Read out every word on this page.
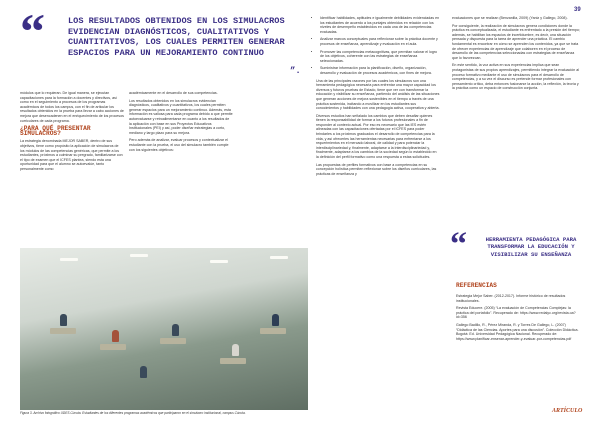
39
“	LOS RESULTADOS OBTENIDOS EN LOS SIMULACROS EVIDENCIAN DIAGNÓSTICOS, CUALITATIVOS Y CUANTITATIVOS, LOS CUALES PERMITEN GENERAR ESPACIOS PARA UN MEJORAMIENTO CONTINUO
”.

módulos que lo requieran. De igual manera, se ejecutan capacitaciones para la formación a docentes y directivos, así como en el seguimiento a procesos de los programas académicos de todos los campus, con el fin de articular los resultados obtenidos en la prueba para llevar a cabo acciones de mejora que desencadenen en el enriquecimiento de los procesos curriculares de cada programa.

¿PARA QUÉ PRESENTAR SIMULACROS?

La estrategia denominada MEJOR SABER, dentro de sus objetivos, tiene como propósito la aplicación de simulacros de los módulos de las competencias genéricas, que permite a los estudiantes, próximos a culminar su pregrado, familiarizarse con el tipo de examen que el ICFES plantea, siendo esta una oportunidad para que el alumno se autoevalúe, tanto personalmente como

académicamente en el desarrollo de sus competencias.

Los resultados obtenidos en los simulacros evidencian diagnósticos, cualitativos y cuantitativos, los cuales permiten generar espacios para un mejoramiento continuo. Además, esta información es valiosa para cada programa debido a que permite autoevaluarse y retroalimentarse en cuanto a los resultados de la aplicación con base en sus Proyectos Educativos Institucionales (PEI) y así, poder diseñar estrategias a corto, mediano y largo plazo para su mejora.

Pero además de analizar, evaluar procesos y contextualizar el estudiante con la prueba, el uso del simulacro también cumple con los siguientes objetivos:

Figura 3. Archivo fotográfico UDES Cúcuta. Estudiantes de los diferentes programas académicos que participaron en el simulacro institucional, campus Cúcuta.
• Identificar habilidades, aptitudes e igualmente debilidades evidenciadas en los estudiantes de acuerdo a los puntajes obtenidos en relación con los niveles de desempeño establecidos en cada una de las competencias evaluadas.
• Analizar marcos conceptuales para reflexionar sobre la práctica docente y procesos de enseñanza, aprendizaje y evaluación en el aula.
• Promover las competencias metacognitivas, que permitan valorar el logro de los objetivos, coherente con las estrategias de enseñanza seleccionadas.
• Suministrar información para la planificación, diseño, organización, desarrollo y evaluación de procesos académicos, con fines de mejora.

Una de las principales razones por las cuales los simulacros son una herramienta pedagógica necesaria para enfrentar una mayor capacidad los diversos y futuros pruebas de Estado, tiene que ver con transformar la educación y visibilizar su enseñanza, partiendo del análisis de las situaciones que generan acciones de mejora sostenibles en el tiempo a través de una práctica sostenida, incitando a movilizar en los estudiantes sus conocimientos y habilidades con una pedagogía activa, cooperativa y abierta.

Diversos estudios han señalado los cambios que deben desafiar quienes tienen la responsabilidad de formar a los futuros profesionales a fin de responder al contexto actual. Por eso es necesario que las IES estén alineadas con las capacitaciones ofertadas por el ICFES para poder brindarles a los próximos graduados el desarrollo de competencias para la vida, y así ofrecerles las herramientas necesarias para enfrentarse a los requerimientos en el mercado laboral, de calidad y para potenciar la interdisciplinariedad y, finalmente, adaptarse a la interdisciplinariedad y, finalmente, adaptarse a los cambios de la sociedad según lo establecido en la definición del perfil formativo como una respuesta a estas solicitudes.

Las propuestas de perfiles formativos con base a competencias en su concepción holística permiten reflexionar sobre los diseños curriculares, las prácticas de enseñanza y

evaluaciones que se realizan (Benzanilla, 2009) (Yaniz y Gallego, 2008).

Por consiguiente, la realización de simulacros genera condiciones donde la práctica es conceptualizada, el estudiante es enfrentado a la presión del tiempo; además, se habilitan los espacios de incertidumbre, es decir, una situación pensada y dispuesta para la tarea de aprender una práctica. El cambio fundamental es encontrar en cómo se aprenden los contenidos, ya que se trata de ofrecer experiencias de aprendizaje que colaboren en el proceso de desarrollo de las competencias seleccionadas con estrategias de enseñanza que lo favorezcan.

En este sentido, la voz activa en sus experiencias implica que sean protagonistas de sus propios aprendizajes, permitiendo integrar la evaluación al proceso formativo mediante el uso de simulacros para el desarrollo de competencias, y a su vez el discurso es pretende formar profesionales con pensamiento crítico, deba entonces fusionarse la acción, la reflexión, la teoría y la práctica como un espacio de construcción conjunta.

“	HERRAMIENTA PEDAGÓGICA PARA TRANSFORMAR LA EDUCACIÓN Y VISIBILIZAR SU ENSEÑANZA
REFERENCIAS

Estrategia Mejor Saber. (2012-2017). Informe histórico de resultados institucionales.

Revista Educere. (2005) “La evaluación de Competencias Complejas: la práctica del portafolio”. Recuperado de: https://www.redalyc.org/revista.oa?id=356

Gallego Badillo, R., Pérez Miranda, R. y Torres De Gallego, L. (2007) “Didáctica de las Ciencias. Aportes para una discusión”. Colección Didáctica. Bogotá: Ed. Universidad Pedagógica Nacional. Recuperado de: https://www.planificar-ensenar-aprender-y-evaluar-por-competencias.pdf

ARTÍCULO
